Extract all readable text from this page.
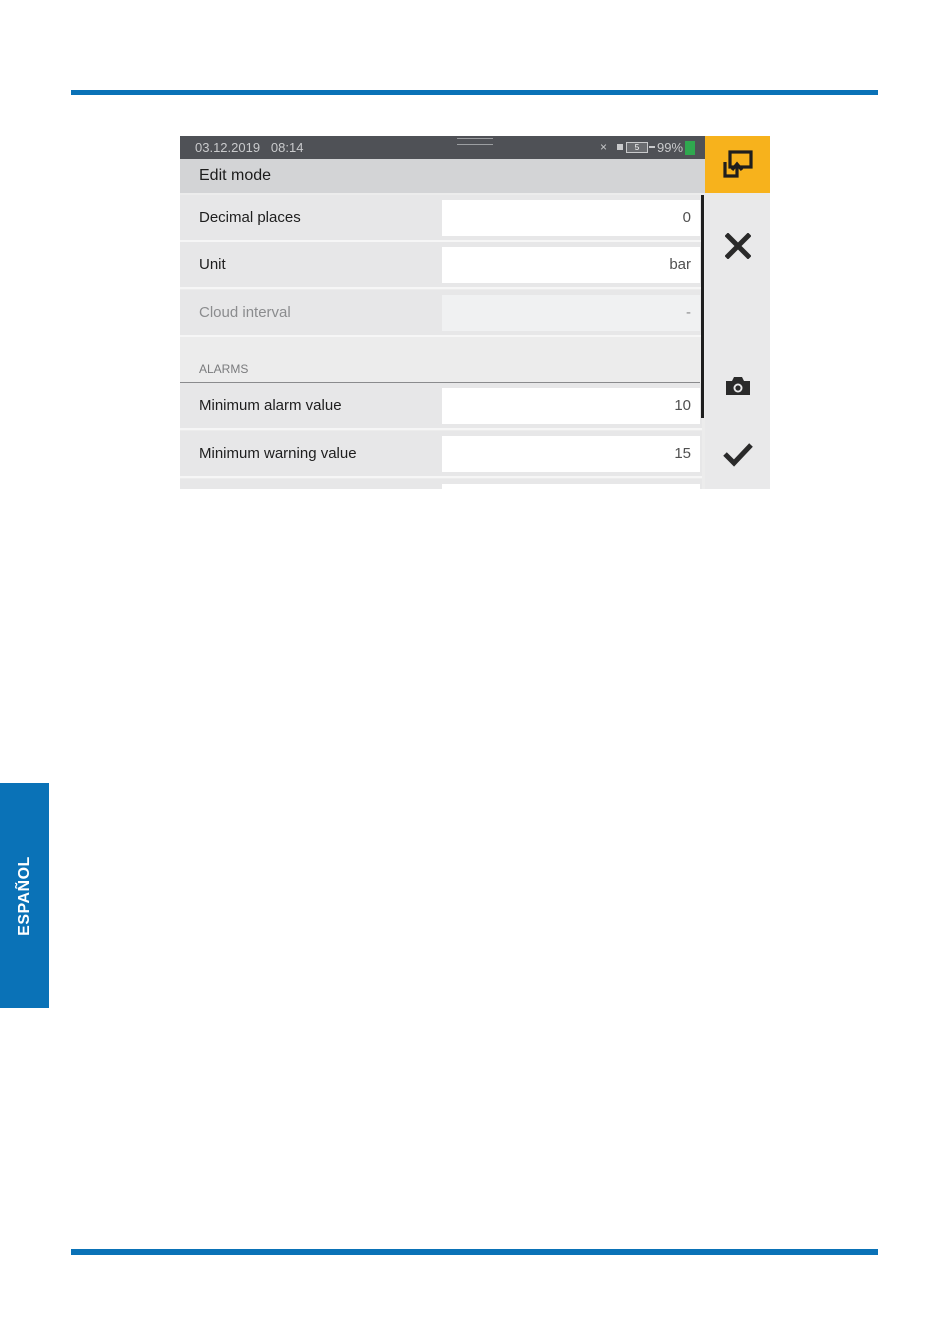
03.12.2019 08:14	×	5	99%
Edit mode
Decimal places	0
Unit	bar
Cloud interval	-
ALARMS
Minimum alarm value	10
Minimum warning value	15
ESPAÑOL
